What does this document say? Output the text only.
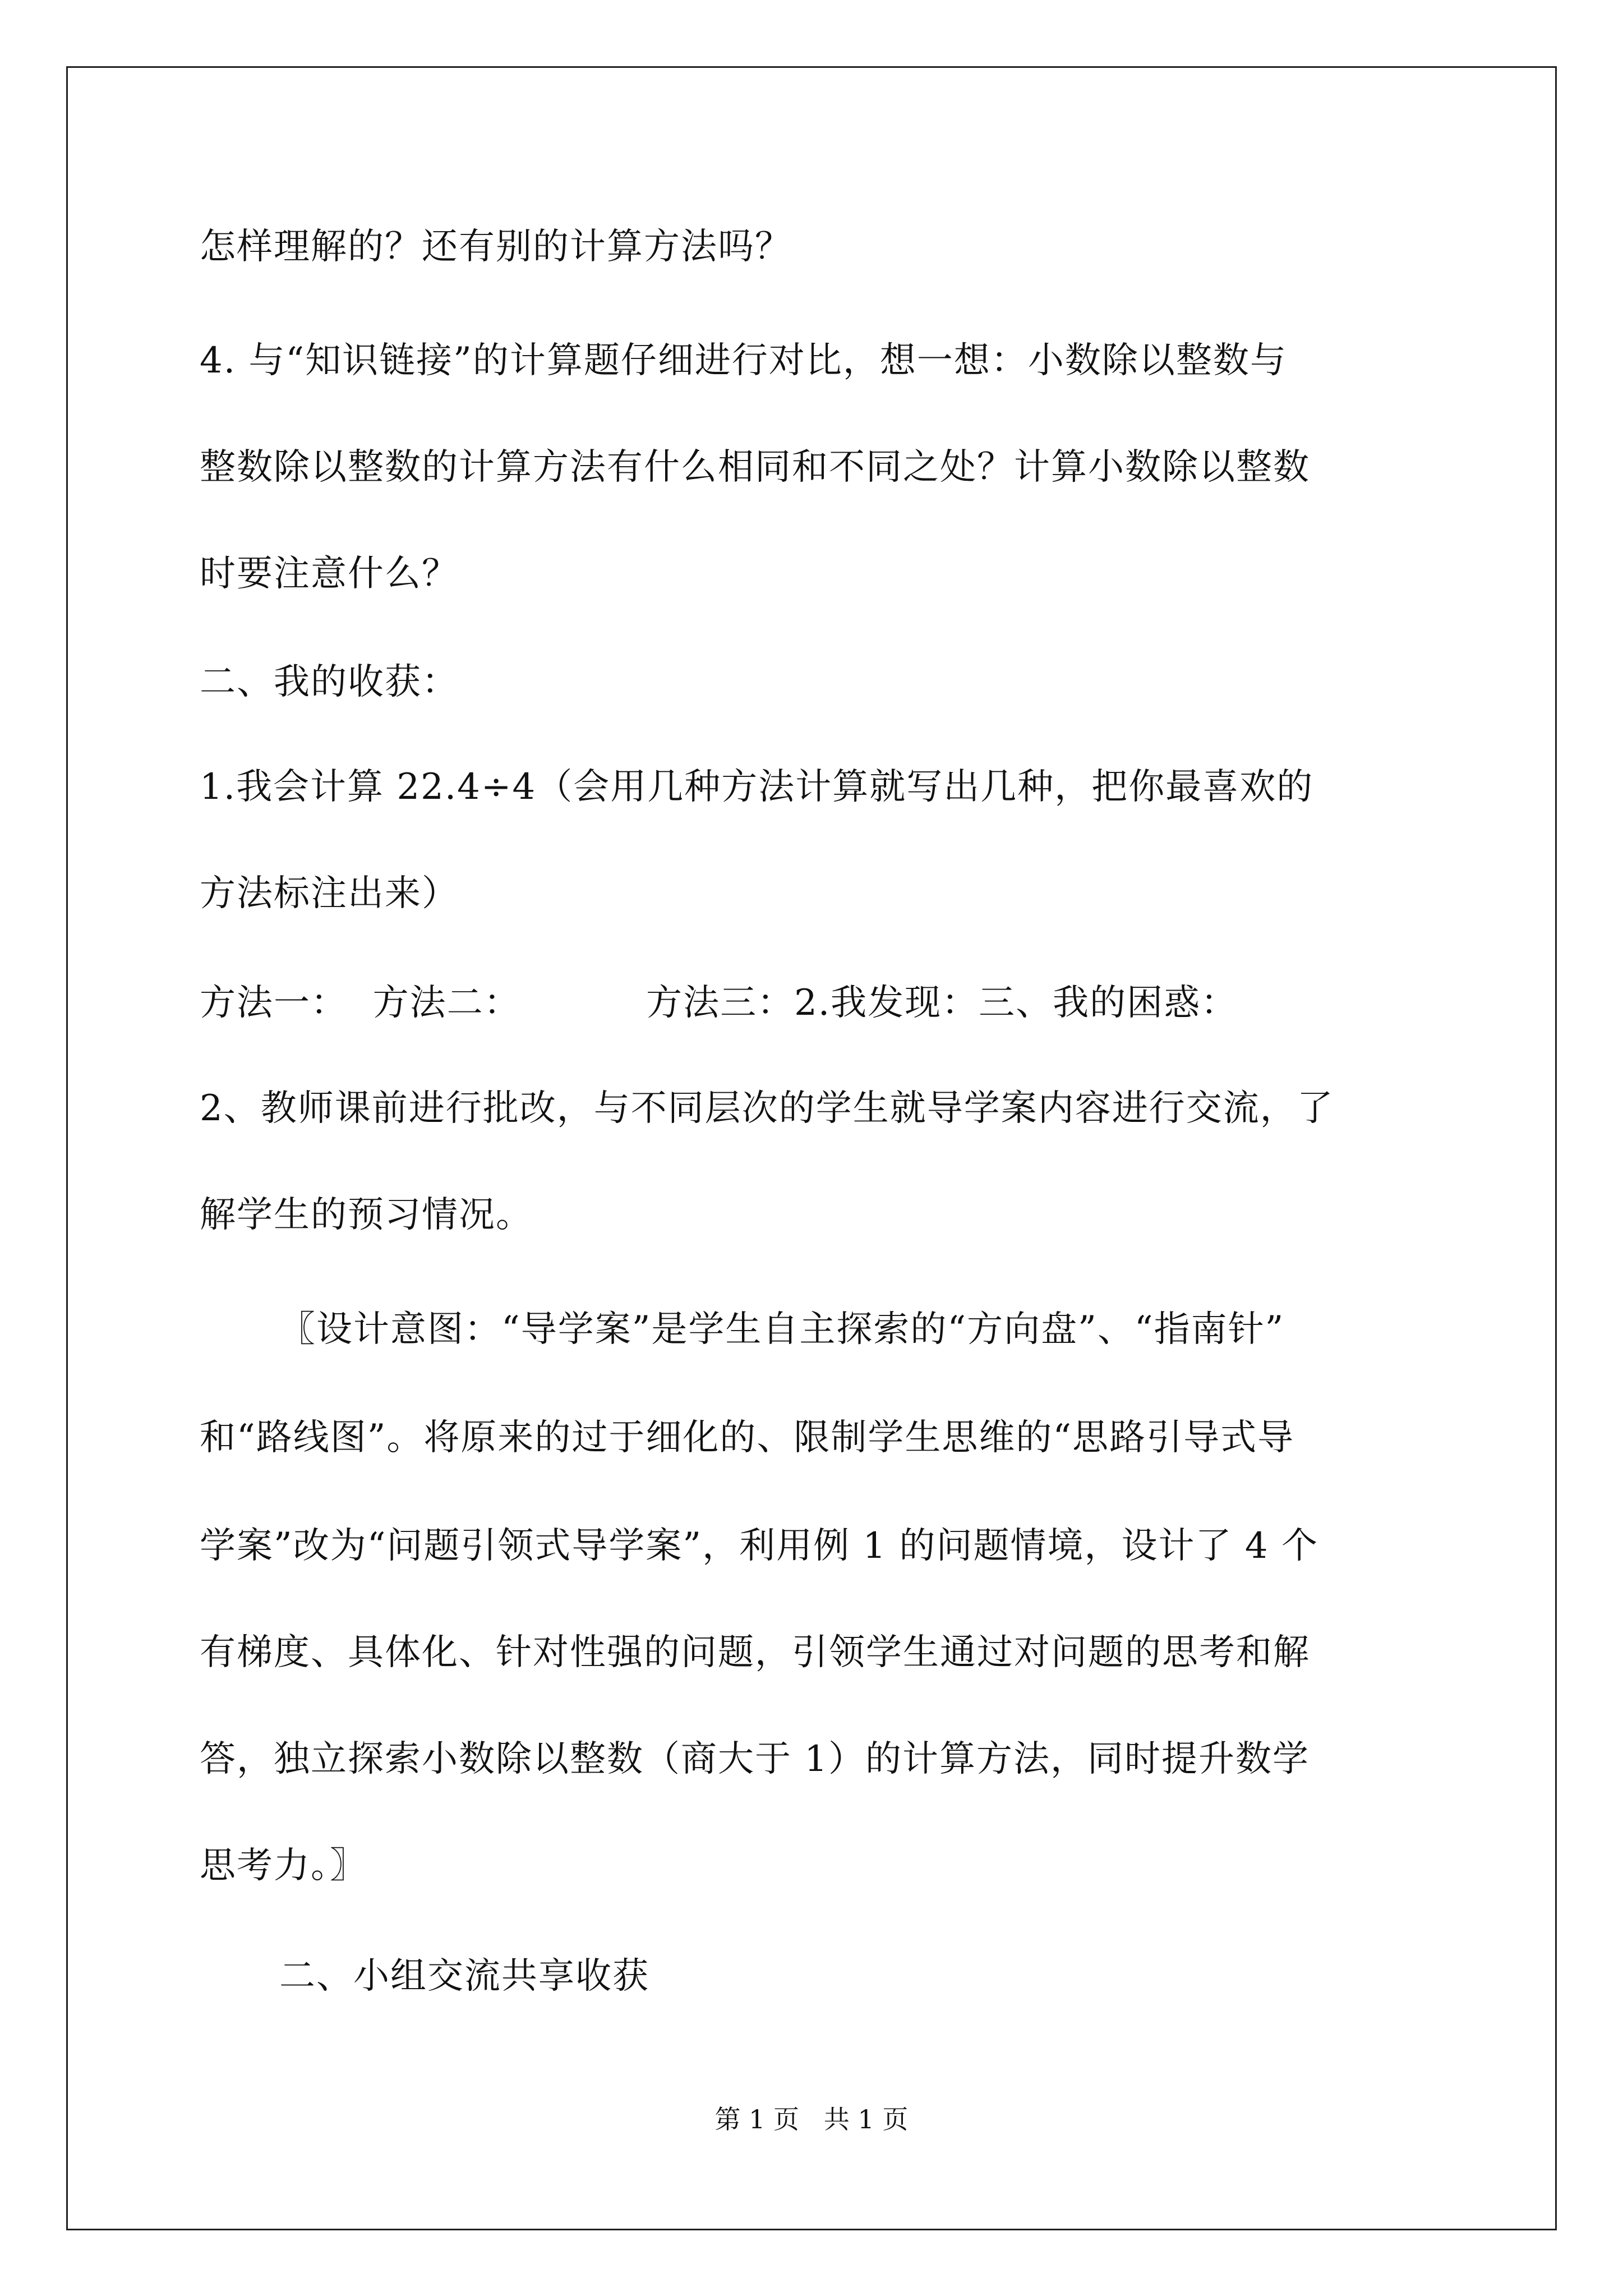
怎样理解的？还有别的计算方法吗？
4. 与“知识链接”的计算题仔细进行对比，想一想：小数除以整数与
整数除以整数的计算方法有什么相同和不同之处？计算小数除以整数
时要注意什么？
二、我的收获：
1.我会计算 22.4÷4（会用几种方法计算就写出几种，把你最喜欢的
方法标注出来）
方法一：  方法二：          方法三：2.我发现：三、我的困惑：
2、教师课前进行批改，与不同层次的学生就导学案内容进行交流，了
解学生的预习情况。
〖设计意图：“导学案”是学生自主探索的“方向盘”、“指南针”
和“路线图”。将原来的过于细化的、限制学生思维的“思路引导式导
学案”改为“问题引领式导学案”，利用例 1 的问题情境，设计了 4 个
有梯度、具体化、针对性强的问题，引领学生通过对问题的思考和解
答，独立探索小数除以整数（商大于 1）的计算方法，同时提升数学
思考力。〗
二、小组交流共享收获
第 1 页   共 1 页
